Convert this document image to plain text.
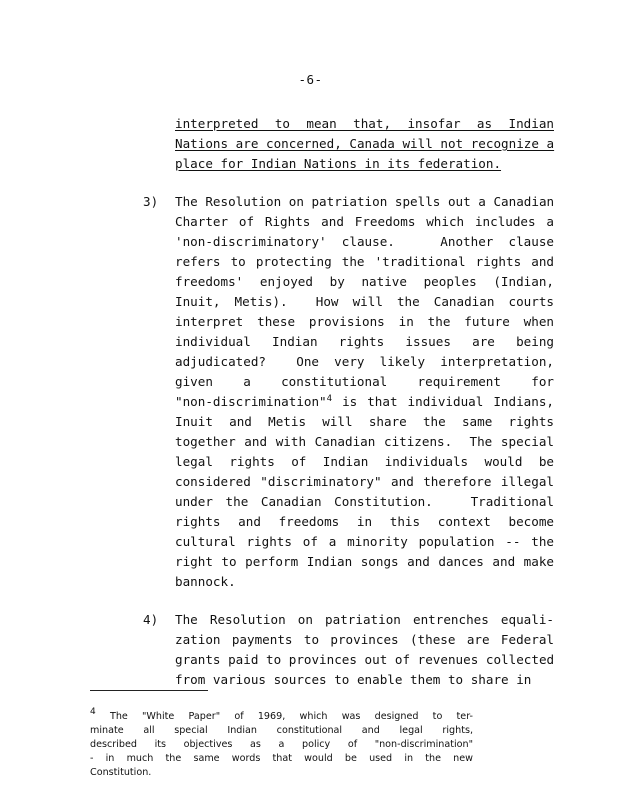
-6-
interpreted to mean that, insofar as Indian
Nations are concerned, Canada will not recognize a
place for Indian Nations in its federation.
3) The Resolution on patriation spells out a Canadian
Charter of Rights and Freedoms which includes a
'non-discriminatory' clause.   Another clause
refers to protecting the 'traditional rights and
freedoms' enjoyed by native peoples (Indian,
Inuit, Metis).  How will the Canadian courts
interpret these provisions in the future when
individual Indian rights issues are being
adjudicated?  One very likely interpretation,
given a constitutional requirement for
"non-discrimination"$^4$ is that individual Indians,
Inuit and Metis will share the same rights
together and with Canadian citizens.  The special
legal rights of Indian individuals would be
considered "discriminatory" and therefore illegal
under the Canadian Constitution.   Traditional
rights and freedoms in this context become
cultural rights of a minority population -- the
right to perform Indian songs and dances and make
bannock.
4) The Resolution on patriation entrenches equali-
zation payments to provinces (these are Federal
grants paid to provinces out of revenues collected
from various sources to enable them to share in
$^4$ The "White Paper" of 1969, which was designed to ter-
minate all special Indian constitutional and legal rights,
described its objectives as a policy of "non-discrimination"
- in much the same words that would be used in the new
Constitution.
